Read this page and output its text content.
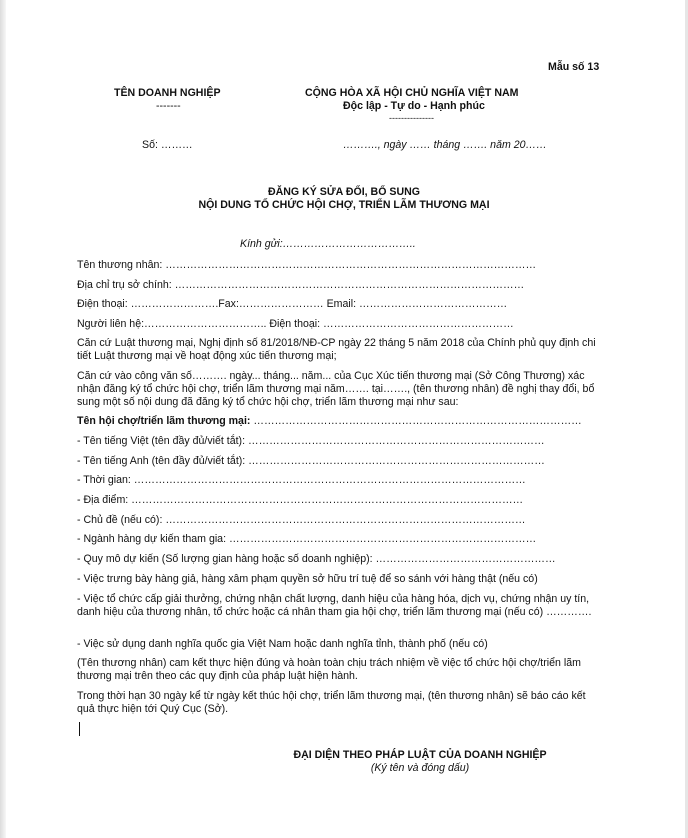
Mẫu số 13
TÊN DOANH NGHIỆP
-------
CỘNG HÒA XÃ HỘI CHỦ NGHĨA VIỆT NAM
Độc lập - Tự do - Hạnh phúc
---------------
Số: ………	………., ngày …… tháng ……. năm 20……
ĐĂNG KÝ SỬA ĐỔI, BỔ SUNG
NỘI DUNG TỔ CHỨC HỘI CHỢ, TRIỂN LÃM THƯƠNG MẠI
Kính gửi:………………………………..
Tên thương nhân: ……………………………………………………………………………………………
Địa chỉ trụ sở chính: ………………………………………………………………………………………
Điện thoại: …………………….Fax:…………………… Email: ……………………………………
Người liên hệ:…………………………….. Điện thoại: ………………………………………………
Căn cứ Luật thương mại, Nghị định số 81/2018/NĐ-CP ngày 22 tháng 5 năm 2018 của Chính phủ quy định chi tiết Luật thương mại về hoạt động xúc tiến thương mại;
Căn cứ vào công văn số………. ngày... tháng... năm... của Cục Xúc tiến thương mại (Sở Công Thương) xác nhận đăng ký tổ chức hội chợ, triển lãm thương mại năm……. tại……., (tên thương nhân) đề nghị thay đổi, bổ sung một số nội dung đã đăng ký tổ chức hội chợ, triển lãm thương mại như sau:
Tên hội chợ/triển lãm thương mại: …………………………………………………………………………………
- Tên tiếng Việt (tên đầy đủ/viết tắt): …………………………………………………………………………
- Tên tiếng Anh (tên đầy đủ/viết tắt): …………………………………………………………………………
- Thời gian: …………………………………………………………………………………………………
- Địa điểm: …………………………………………………………………………………………………
- Chủ đề (nếu có): …………………………………………………………………………………………
- Ngành hàng dự kiến tham gia: ……………………………………………………………………………
- Quy mô dự kiến (Số lượng gian hàng hoặc số doanh nghiệp): ……………………………………………
- Việc trưng bày hàng giả, hàng xâm phạm quyền sở hữu trí tuệ để so sánh với hàng thật (nếu có)
- Việc tổ chức cấp giải thưởng, chứng nhận chất lượng, danh hiệu của hàng hóa, dịch vụ, chứng nhận uy tín, danh hiệu của thương nhân, tổ chức hoặc cá nhân tham gia hội chợ, triển lãm thương mại (nếu có) ………….
- Việc sử dụng danh nghĩa quốc gia Việt Nam hoặc danh nghĩa tỉnh, thành phố (nếu có)
(Tên thương nhân) cam kết thực hiện đúng và hoàn toàn chịu trách nhiệm về việc tổ chức hội chợ/triển lãm thương mại trên theo các quy định của pháp luật hiện hành.
Trong thời hạn 30 ngày kể từ ngày kết thúc hội chợ, triển lãm thương mại, (tên thương nhân) sẽ báo cáo kết quả thực hiện tới Quý Cục (Sở).
ĐẠI DIỆN THEO PHÁP LUẬT CỦA DOANH NGHIỆP
(Ký tên và đóng dấu)
